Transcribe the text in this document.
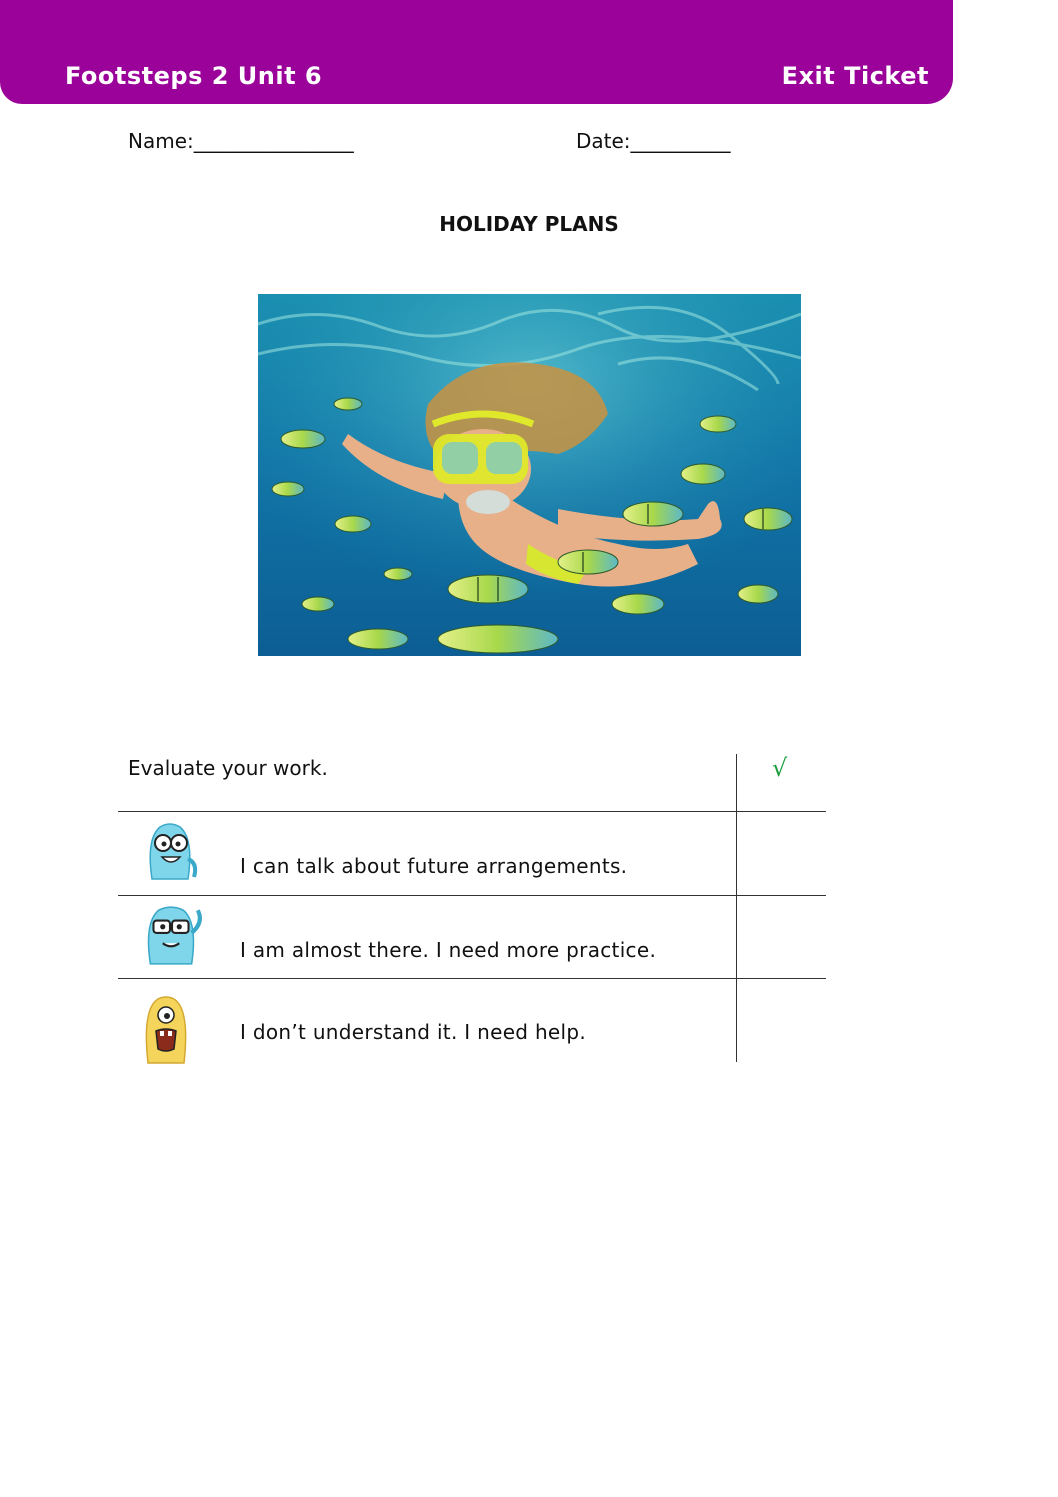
Footsteps 2 Unit 6	Exit Ticket
Name:________________	Date:__________
HOLIDAY PLANS
Evaluate your work.	√
I can talk about future arrangements.
I am almost there. I need more practice.
I don’t understand it. I need help.
